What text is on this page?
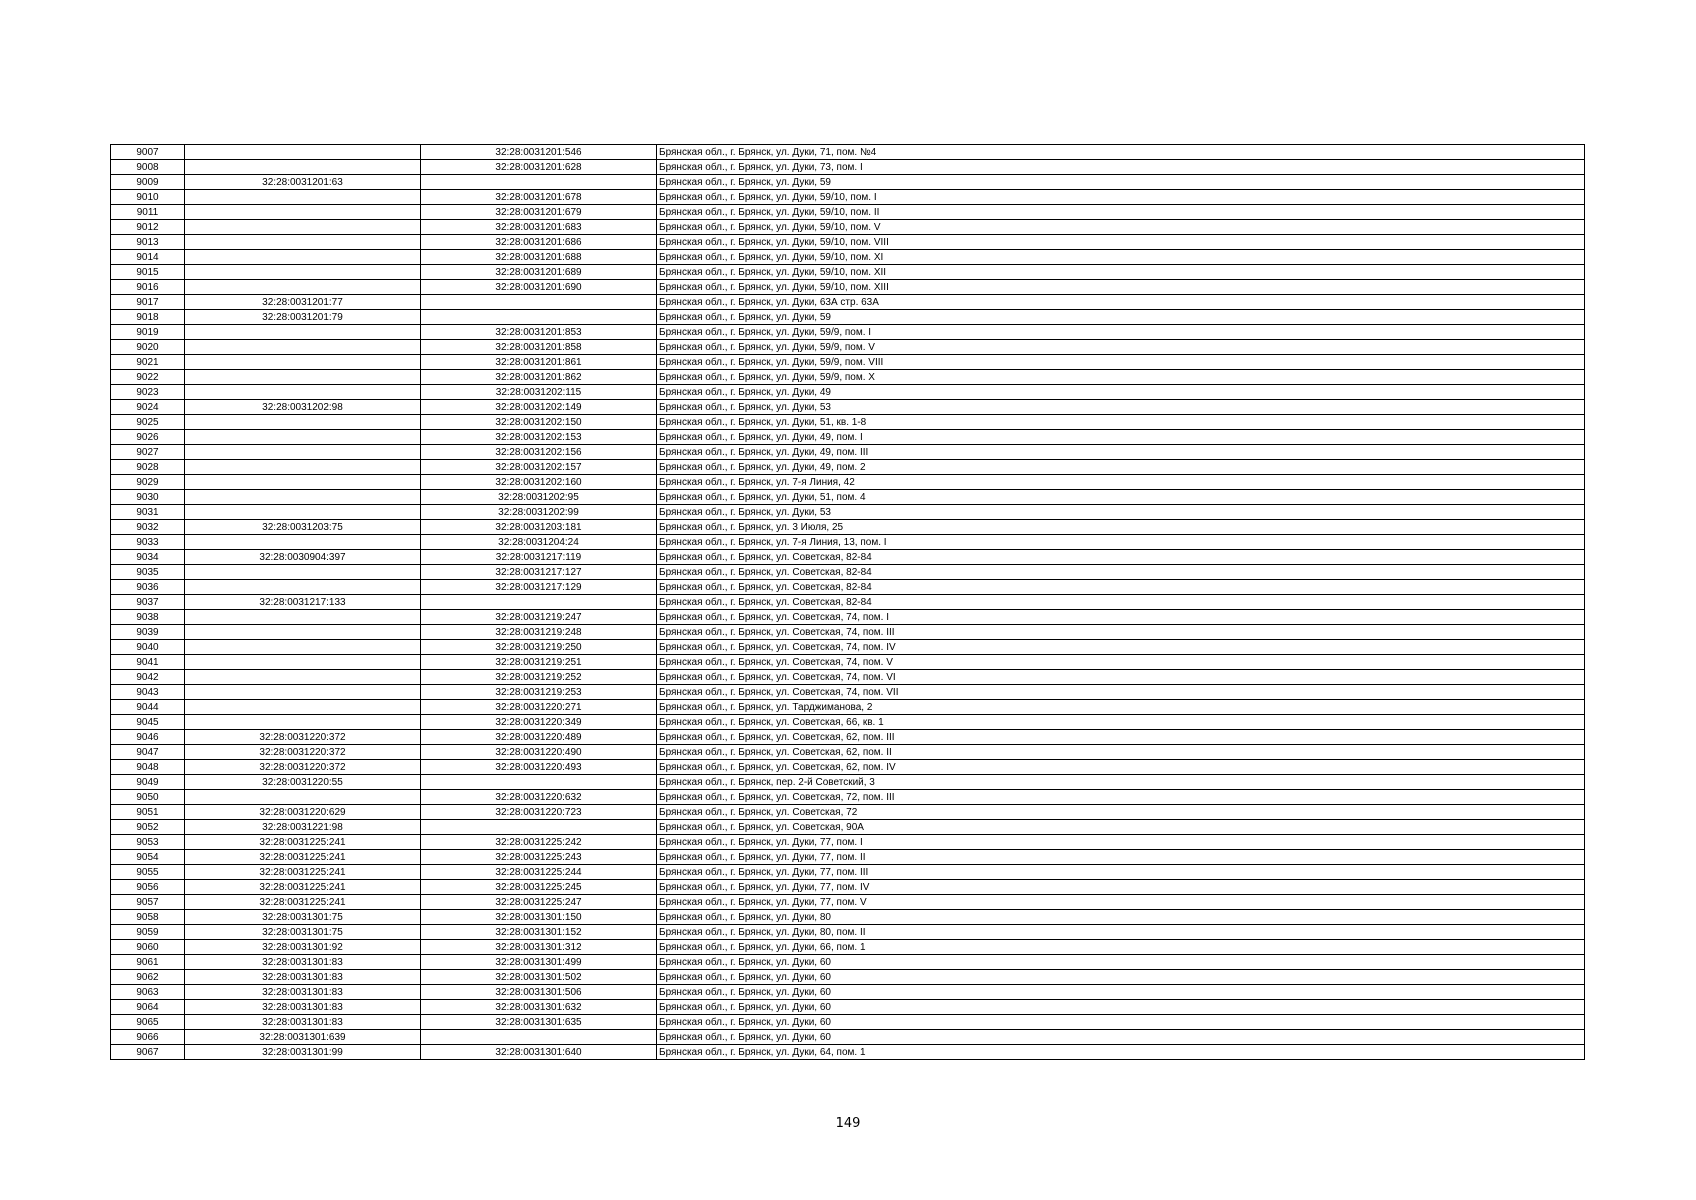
9007		32:28:0031201:546	Брянская обл., г. Брянск, ул. Дуки, 71, пом. №4
9008		32:28:0031201:628	Брянская обл., г. Брянск, ул. Дуки, 73, пом. I
9009	32:28:0031201:63		Брянская обл., г. Брянск, ул. Дуки, 59
9010		32:28:0031201:678	Брянская обл., г. Брянск, ул. Дуки, 59/10, пом. I
9011		32:28:0031201:679	Брянская обл., г. Брянск, ул. Дуки, 59/10, пом. II
9012		32:28:0031201:683	Брянская обл., г. Брянск, ул. Дуки, 59/10, пом. V
9013		32:28:0031201:686	Брянская обл., г. Брянск, ул. Дуки, 59/10, пом. VIII
9014		32:28:0031201:688	Брянская обл., г. Брянск, ул. Дуки, 59/10, пом. XI
9015		32:28:0031201:689	Брянская обл., г. Брянск, ул. Дуки, 59/10, пом. XII
9016		32:28:0031201:690	Брянская обл., г. Брянск, ул. Дуки, 59/10, пом. XIII
9017	32:28:0031201:77		Брянская обл., г. Брянск, ул. Дуки, 63А стр. 63А
9018	32:28:0031201:79		Брянская обл., г. Брянск, ул. Дуки, 59
9019		32:28:0031201:853	Брянская обл., г. Брянск, ул. Дуки, 59/9, пом. I
9020		32:28:0031201:858	Брянская обл., г. Брянск, ул. Дуки, 59/9, пом. V
9021		32:28:0031201:861	Брянская обл., г. Брянск, ул. Дуки, 59/9, пом. VIII
9022		32:28:0031201:862	Брянская обл., г. Брянск, ул. Дуки, 59/9, пом. X
9023		32:28:0031202:115	Брянская обл., г. Брянск, ул. Дуки, 49
9024	32:28:0031202:98	32:28:0031202:149	Брянская обл., г. Брянск, ул. Дуки, 53
9025		32:28:0031202:150	Брянская обл., г. Брянск, ул. Дуки, 51, кв. 1-8
9026		32:28:0031202:153	Брянская обл., г. Брянск, ул. Дуки, 49, пом. I
9027		32:28:0031202:156	Брянская обл., г. Брянск, ул. Дуки, 49, пом. III
9028		32:28:0031202:157	Брянская обл., г. Брянск, ул. Дуки, 49, пом. 2
9029		32:28:0031202:160	Брянская обл., г. Брянск, ул. 7-я Линия, 42
9030		32:28:0031202:95	Брянская обл., г. Брянск, ул. Дуки, 51, пом. 4
9031		32:28:0031202:99	Брянская обл., г. Брянск, ул. Дуки, 53
9032	32:28:0031203:75	32:28:0031203:181	Брянская обл., г. Брянск, ул. 3 Июля, 25
9033		32:28:0031204:24	Брянская обл., г. Брянск, ул. 7-я Линия, 13, пом. I
9034	32:28:0030904:397	32:28:0031217:119	Брянская обл., г. Брянск, ул. Советская, 82-84
9035		32:28:0031217:127	Брянская обл., г. Брянск, ул. Советская, 82-84
9036		32:28:0031217:129	Брянская обл., г. Брянск, ул. Советская, 82-84
9037	32:28:0031217:133		Брянская обл., г. Брянск, ул. Советская, 82-84
9038		32:28:0031219:247	Брянская обл., г. Брянск, ул. Советская, 74, пом. I
9039		32:28:0031219:248	Брянская обл., г. Брянск, ул. Советская, 74, пом. III
9040		32:28:0031219:250	Брянская обл., г. Брянск, ул. Советская, 74, пом. IV
9041		32:28:0031219:251	Брянская обл., г. Брянск, ул. Советская, 74, пом. V
9042		32:28:0031219:252	Брянская обл., г. Брянск, ул. Советская, 74, пом. VI
9043		32:28:0031219:253	Брянская обл., г. Брянск, ул. Советская, 74, пом. VII
9044		32:28:0031220:271	Брянская обл., г. Брянск, ул. Тарджиманова, 2
9045		32:28:0031220:349	Брянская обл., г. Брянск, ул. Советская, 66, кв. 1
9046	32:28:0031220:372	32:28:0031220:489	Брянская обл., г. Брянск, ул. Советская, 62, пом. III
9047	32:28:0031220:372	32:28:0031220:490	Брянская обл., г. Брянск, ул. Советская, 62, пом. II
9048	32:28:0031220:372	32:28:0031220:493	Брянская обл., г. Брянск, ул. Советская, 62, пом. IV
9049	32:28:0031220:55		Брянская обл., г. Брянск, пер. 2-й Советский, 3
9050		32:28:0031220:632	Брянская обл., г. Брянск, ул. Советская, 72, пом. III
9051	32:28:0031220:629	32:28:0031220:723	Брянская обл., г. Брянск, ул. Советская, 72
9052	32:28:0031221:98		Брянская обл., г. Брянск, ул. Советская, 90А
9053	32:28:0031225:241	32:28:0031225:242	Брянская обл., г. Брянск, ул. Дуки, 77, пом. I
9054	32:28:0031225:241	32:28:0031225:243	Брянская обл., г. Брянск, ул. Дуки, 77, пом. II
9055	32:28:0031225:241	32:28:0031225:244	Брянская обл., г. Брянск, ул. Дуки, 77, пом. III
9056	32:28:0031225:241	32:28:0031225:245	Брянская обл., г. Брянск, ул. Дуки, 77, пом. IV
9057	32:28:0031225:241	32:28:0031225:247	Брянская обл., г. Брянск, ул. Дуки, 77, пом. V
9058	32:28:0031301:75	32:28:0031301:150	Брянская обл., г. Брянск, ул. Дуки, 80
9059	32:28:0031301:75	32:28:0031301:152	Брянская обл., г. Брянск, ул. Дуки, 80, пом. II
9060	32:28:0031301:92	32:28:0031301:312	Брянская обл., г. Брянск, ул. Дуки, 66, пом. 1
9061	32:28:0031301:83	32:28:0031301:499	Брянская обл., г. Брянск, ул. Дуки, 60
9062	32:28:0031301:83	32:28:0031301:502	Брянская обл., г. Брянск, ул. Дуки, 60
9063	32:28:0031301:83	32:28:0031301:506	Брянская обл., г. Брянск, ул. Дуки, 60
9064	32:28:0031301:83	32:28:0031301:632	Брянская обл., г. Брянск, ул. Дуки, 60
9065	32:28:0031301:83	32:28:0031301:635	Брянская обл., г. Брянск, ул. Дуки, 60
9066	32:28:0031301:639		Брянская обл., г. Брянск, ул. Дуки, 60
9067	32:28:0031301:99	32:28:0031301:640	Брянская обл., г. Брянск, ул. Дуки, 64, пом. 1
149
